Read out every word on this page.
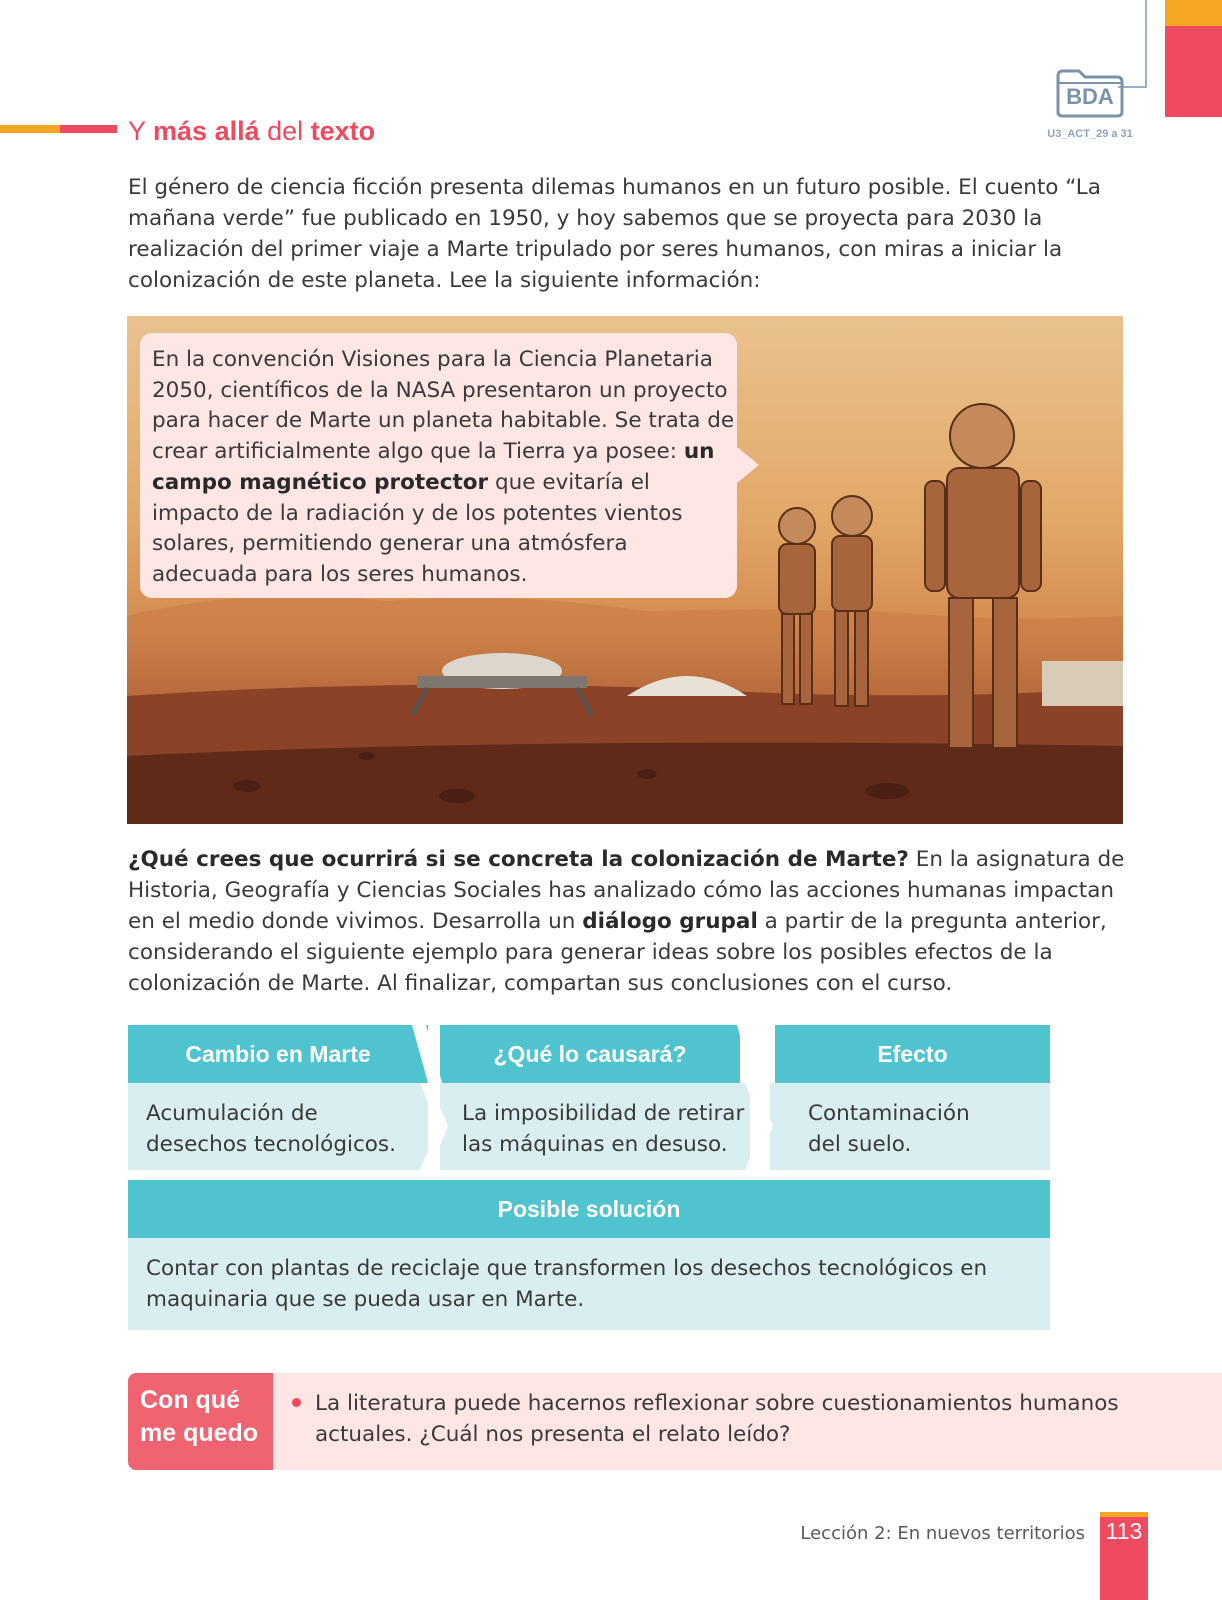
BDA
U3_ACT_29 a 31
Y más allá del texto
El género de ciencia ficción presenta dilemas humanos en un futuro posible. El cuento “La mañana verde” fue publicado en 1950, y hoy sabemos que se proyecta para 2030 la realización del primer viaje a Marte tripulado por seres humanos, con miras a iniciar la colonización de este planeta. Lee la siguiente información:
En la convención Visiones para la Ciencia Planetaria 2050, científicos de la NASA presentaron un proyecto para hacer de Marte un planeta habitable. Se trata de crear artificialmente algo que la Tierra ya posee: un campo magnético protector que evitaría el impacto de la radiación y de los potentes vientos solares, permitiendo generar una atmósfera adecuada para los seres humanos.
¿Qué crees que ocurrirá si se concreta la colonización de Marte? En la asignatura de Historia, Geografía y Ciencias Sociales has analizado cómo las acciones humanas impactan en el medio donde vivimos. Desarrolla un diálogo grupal a partir de la pregunta anterior, considerando el siguiente ejemplo para generar ideas sobre los posibles efectos de la colonización de Marte. Al finalizar, compartan sus conclusiones con el curso.
Cambio en Marte	¿Qué lo causará?	Efecto
Acumulación de desechos tecnológicos.
La imposibilidad de retirar las máquinas en desuso.
Contaminación del suelo.
Posible solución
Contar con plantas de reciclaje que transformen los desechos tecnológicos en maquinaria que se pueda usar en Marte.
Con qué me quedo
La literatura puede hacernos reflexionar sobre cuestionamientos humanos actuales. ¿Cuál nos presenta el relato leído?
Lección 2: En nuevos territorios 113
